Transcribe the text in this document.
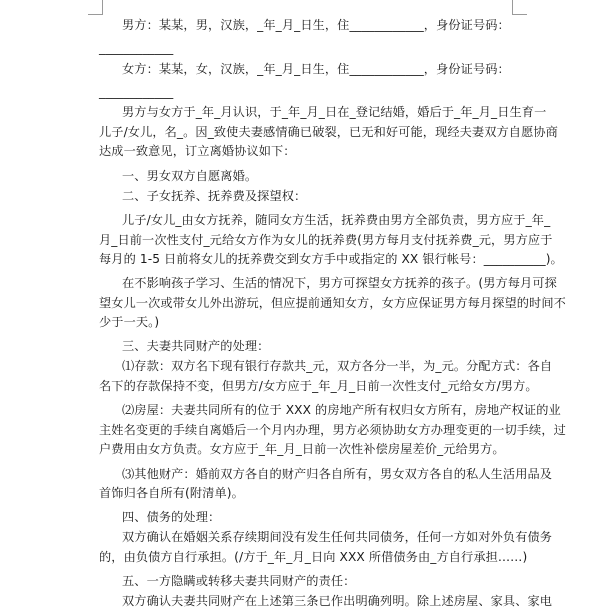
男方：某某，男，汉族，_年_月_日生，住____________，身份证号码：
____________
女方：某某，女，汉族，_年_月_日生，住____________，身份证号码：
____________
男方与女方于_年_月认识，于_年_月_日在_登记结婚，婚后于_年_月_日生育一
儿子/女儿，名_。因_致使夫妻感情确已破裂，已无和好可能，现经夫妻双方自愿协商
达成一致意见，订立离婚协议如下：
一、男女双方自愿离婚。
二、子女抚养、抚养费及探望权：
儿子/女儿_由女方抚养，随同女方生活，抚养费由男方全部负责，男方应于_年_
月_日前一次性支付_元给女方作为女儿的抚养费(男方每月支付抚养费_元，男方应于
每月的 1-5 日前将女儿的抚养费交到女方手中或指定的 XX 银行帐号：__________)。
在不影响孩子学习、生活的情况下，男方可探望女方抚养的孩子。(男方每月可探
望女儿一次或带女儿外出游玩，但应提前通知女方，女方应保证男方每月探望的时间不
少于一天。)
三、夫妻共同财产的处理：
⑴存款：双方名下现有银行存款共_元，双方各分一半，为_元。分配方式：各自
名下的存款保持不变，但男方/女方应于_年_月_日前一次性支付_元给女方/男方。
⑵房屋：夫妻共同所有的位于 XXX 的房地产所有权归女方所有，房地产权证的业
主姓名变更的手续自离婚后一个月内办理，男方必须协助女方办理变更的一切手续，过
户费用由女方负责。女方应于_年_月_日前一次性补偿房屋差价_元给男方。
⑶其他财产：婚前双方各自的财产归各自所有，男女双方各自的私人生活用品及
首饰归各自所有(附清单)。
四、债务的处理：
双方确认在婚姻关系存续期间没有发生任何共同债务，任何一方如对外负有债务
的，由负债方自行承担。(/方于_年_月_日向 XXX 所借债务由_方自行承担……)
五、一方隐瞒或转移夫妻共同财产的责任：
双方确认夫妻共同财产在上述第三条已作出明确列明。除上述房屋、家具、家电
